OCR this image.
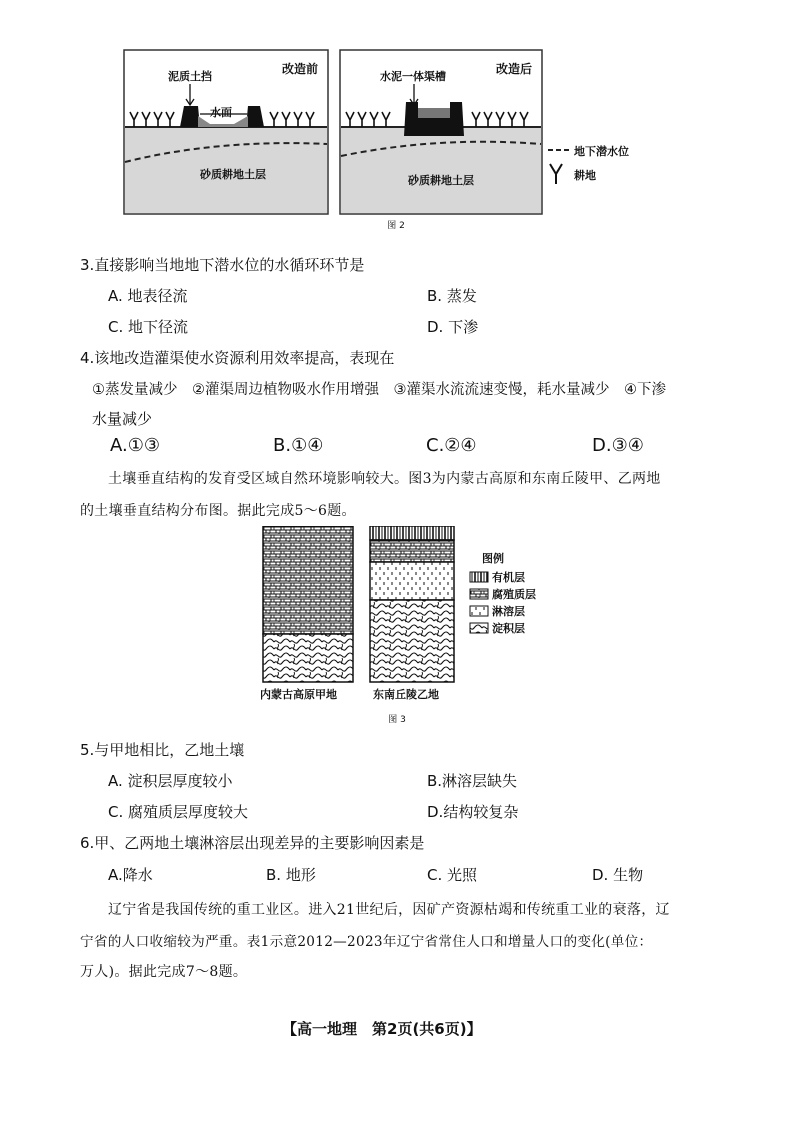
改造前
泥质土挡
水面
砂质耕地土层
改造后
水泥一体渠槽
水面
砂质耕地土层
地下潜水位
耕地
图 2
3.直接影响当地地下潜水位的水循环环节是
A. 地表径流	B. 蒸发
C. 地下径流	D. 下渗
4.该地改造灌渠使水资源利用效率提高，表现在
①蒸发量减少　②灌渠周边植物吸水作用增强　③灌渠水流流速变慢，耗水量减少　④下渗
水量减少
A.①③	B.①④	C.②④	D.③④
土壤垂直结构的发育受区域自然环境影响较大。图3为内蒙古高原和东南丘陵甲、乙两地
的土壤垂直结构分布图。据此完成5～6题。
图例
有机层
腐殖质层
淋溶层
淀积层
内蒙古高原甲地	东南丘陵乙地
图 3
5.与甲地相比，乙地土壤
A. 淀积层厚度较小	B.淋溶层缺失
C. 腐殖质层厚度较大	D.结构较复杂
6.甲、乙两地土壤淋溶层出现差异的主要影响因素是
A.降水	B. 地形	C. 光照	D. 生物
辽宁省是我国传统的重工业区。进入21世纪后，因矿产资源枯竭和传统重工业的衰落，辽
宁省的人口收缩较为严重。表1示意2012—2023年辽宁省常住人口和增量人口的变化(单位：
万人)。据此完成7～8题。
【高一地理　第2页(共6页)】
